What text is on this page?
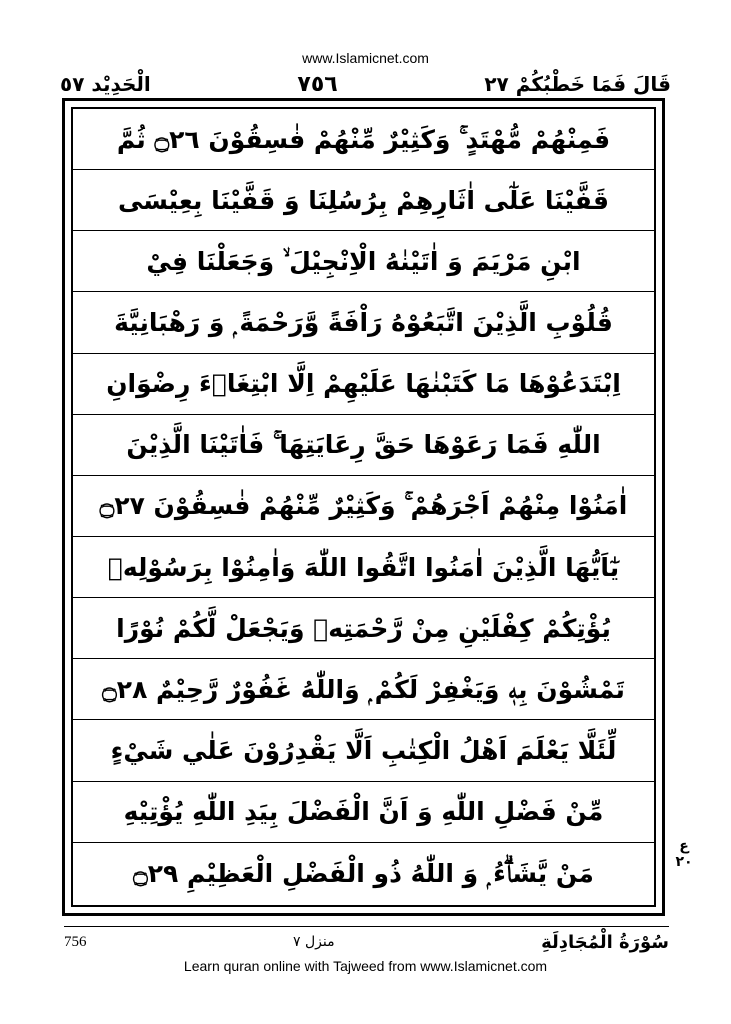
www.Islamicnet.com
قَالَ فَمَا خَطْبُكُمْ ٢٧
٧٥٦
الْحَدِيْد ٥٧
فَمِنْهُمْ مُّهْتَدٍ ۚ وَكَثِيْرٌ مِّنْهُمْ فٰسِقُوْنَ ۝٢٦ ثُمَّ
قَفَّيْنَا عَلٰٓى اٰثَارِهِمْ بِرُسُلِنَا وَ قَفَّيْنَا بِعِيْسَى
ابْنِ مَرْيَمَ وَ اٰتَيْنٰهُ الْاِنْجِيْلَ ۙ وَجَعَلْنَا فِيْ
قُلُوْبِ الَّذِيْنَ اتَّبَعُوْهُ رَاْفَةً وَّرَحْمَةً ۭ وَ رَهْبَانِيَّةَ
اِبْتَدَعُوْهَا مَا كَتَبْنٰهَا عَلَيْهِمْ اِلَّا ابْتِغَاۗءَ رِضْوَانِ
اللّٰهِ فَمَا رَعَوْهَا حَقَّ رِعَايَتِهَا ۚ فَاٰتَيْنَا الَّذِيْنَ
اٰمَنُوْا مِنْهُمْ اَجْرَهُمْ ۚ وَكَثِيْرٌ مِّنْهُمْ فٰسِقُوْنَ ۝٢٧
يٰٓاَيُّهَا الَّذِيْنَ اٰمَنُوا اتَّقُوا اللّٰهَ وَاٰمِنُوْا بِرَسُوْلِهٖ
يُؤْتِكُمْ كِفْلَيْنِ مِنْ رَّحْمَتِهٖ وَيَجْعَلْ لَّكُمْ نُوْرًا
تَمْشُوْنَ بِهٖ وَيَغْفِرْ لَكُمْ ۭ وَاللّٰهُ غَفُوْرٌ رَّحِيْمٌ ۝٢٨
لِّئَلَّا يَعْلَمَ اَهْلُ الْكِتٰبِ اَلَّا يَقْدِرُوْنَ عَلٰي شَيْءٍ
مِّنْ فَضْلِ اللّٰهِ وَ اَنَّ الْفَضْلَ بِيَدِ اللّٰهِ يُؤْتِيْهِ
مَنْ يَّشَاۗءُ ۭ وَ اللّٰهُ ذُو الْفَضْلِ الْعَظِيْمِ ۝٢٩
ع ٢٠
سُوْرَةُ الْمُجَادِلَةِ
منزل ٧
756
Learn quran online with Tajweed from www.Islamicnet.com
